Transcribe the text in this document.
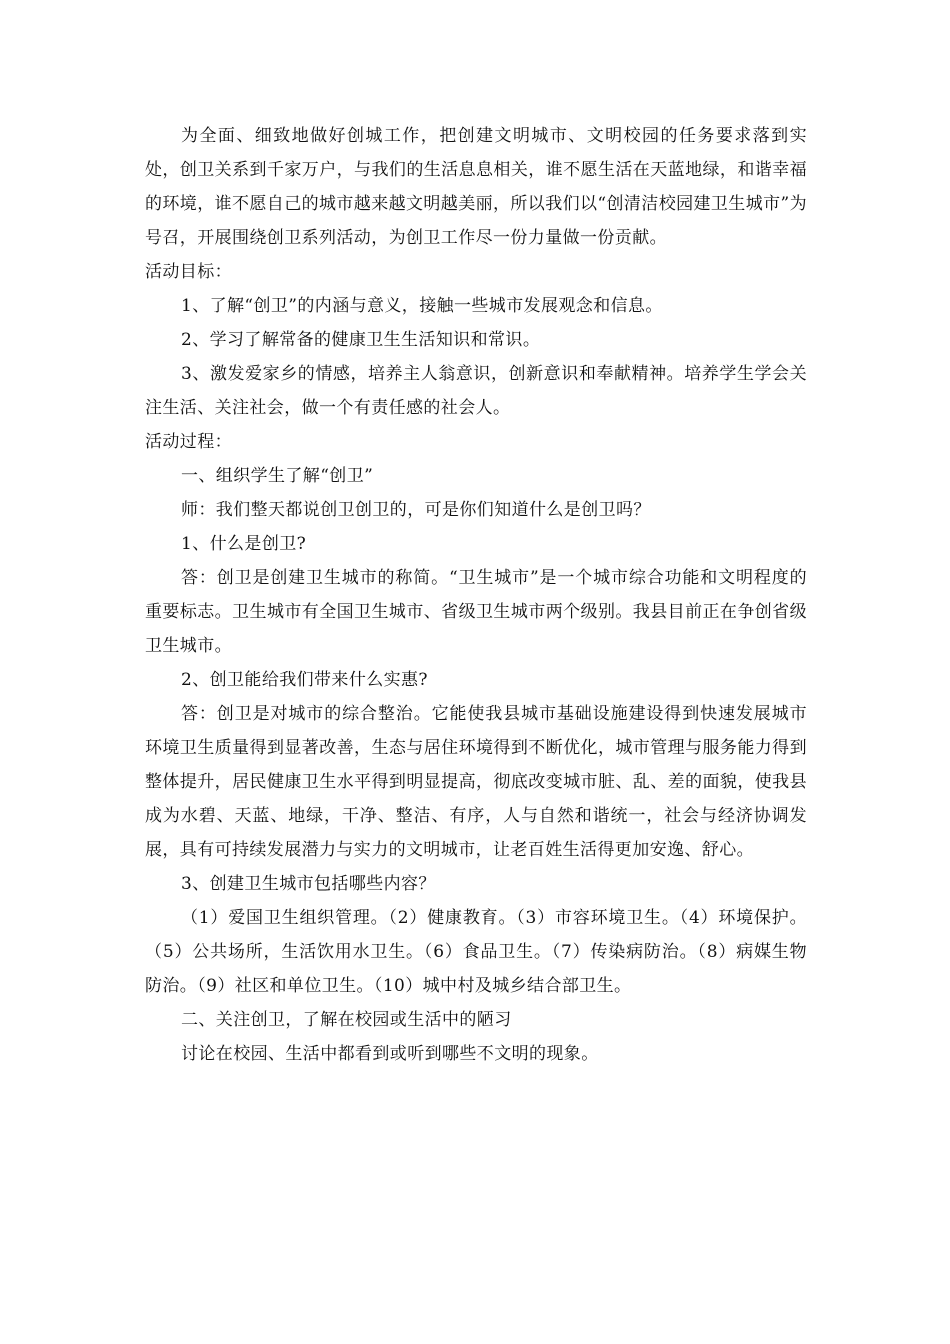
为全面、细致地做好创城工作，把创建文明城市、文明校园的任务要求落到实处，创卫关系到千家万户，与我们的生活息息相关，谁不愿生活在天蓝地绿，和谐幸福的环境，谁不愿自己的城市越来越文明越美丽，所以我们以“创清洁校园建卫生城市”为号召，开展围绕创卫系列活动，为创卫工作尽一份力量做一份贡献。

活动目标：

1、了解“创卫”的内涵与意义，接触一些城市发展观念和信息。

2、学习了解常备的健康卫生生活知识和常识。

3、激发爱家乡的情感，培养主人翁意识，创新意识和奉献精神。培养学生学会关注生活、关注社会，做一个有责任感的社会人。

活动过程：

一、组织学生了解“创卫”

师：我们整天都说创卫创卫的，可是你们知道什么是创卫吗？

1、什么是创卫?

答：创卫是创建卫生城市的称简。“卫生城市”是一个城市综合功能和文明程度的重要标志。卫生城市有全国卫生城市、省级卫生城市两个级别。我县目前正在争创省级卫生城市。

2、创卫能给我们带来什么实惠?

答：创卫是对城市的综合整治。它能使我县城市基础设施建设得到快速发展城市环境卫生质量得到显著改善，生态与居住环境得到不断优化，城市管理与服务能力得到整体提升，居民健康卫生水平得到明显提高，彻底改变城市脏、乱、差的面貌，使我县成为水碧、天蓝、地绿，干净、整洁、有序，人与自然和谐统一，社会与经济协调发展，具有可持续发展潜力与实力的文明城市，让老百姓生活得更加安逸、舒心。

3、创建卫生城市包括哪些内容？

（1）爱国卫生组织管理。（2）健康教育。（3）市容环境卫生。（4）环境保护。（5）公共场所，生活饮用水卫生。（6）食品卫生。（7）传染病防治。（8）病媒生物防治。（9）社区和单位卫生。（10）城中村及城乡结合部卫生。

二、关注创卫，了解在校园或生活中的陋习

讨论在校园、生活中都看到或听到哪些不文明的现象。
